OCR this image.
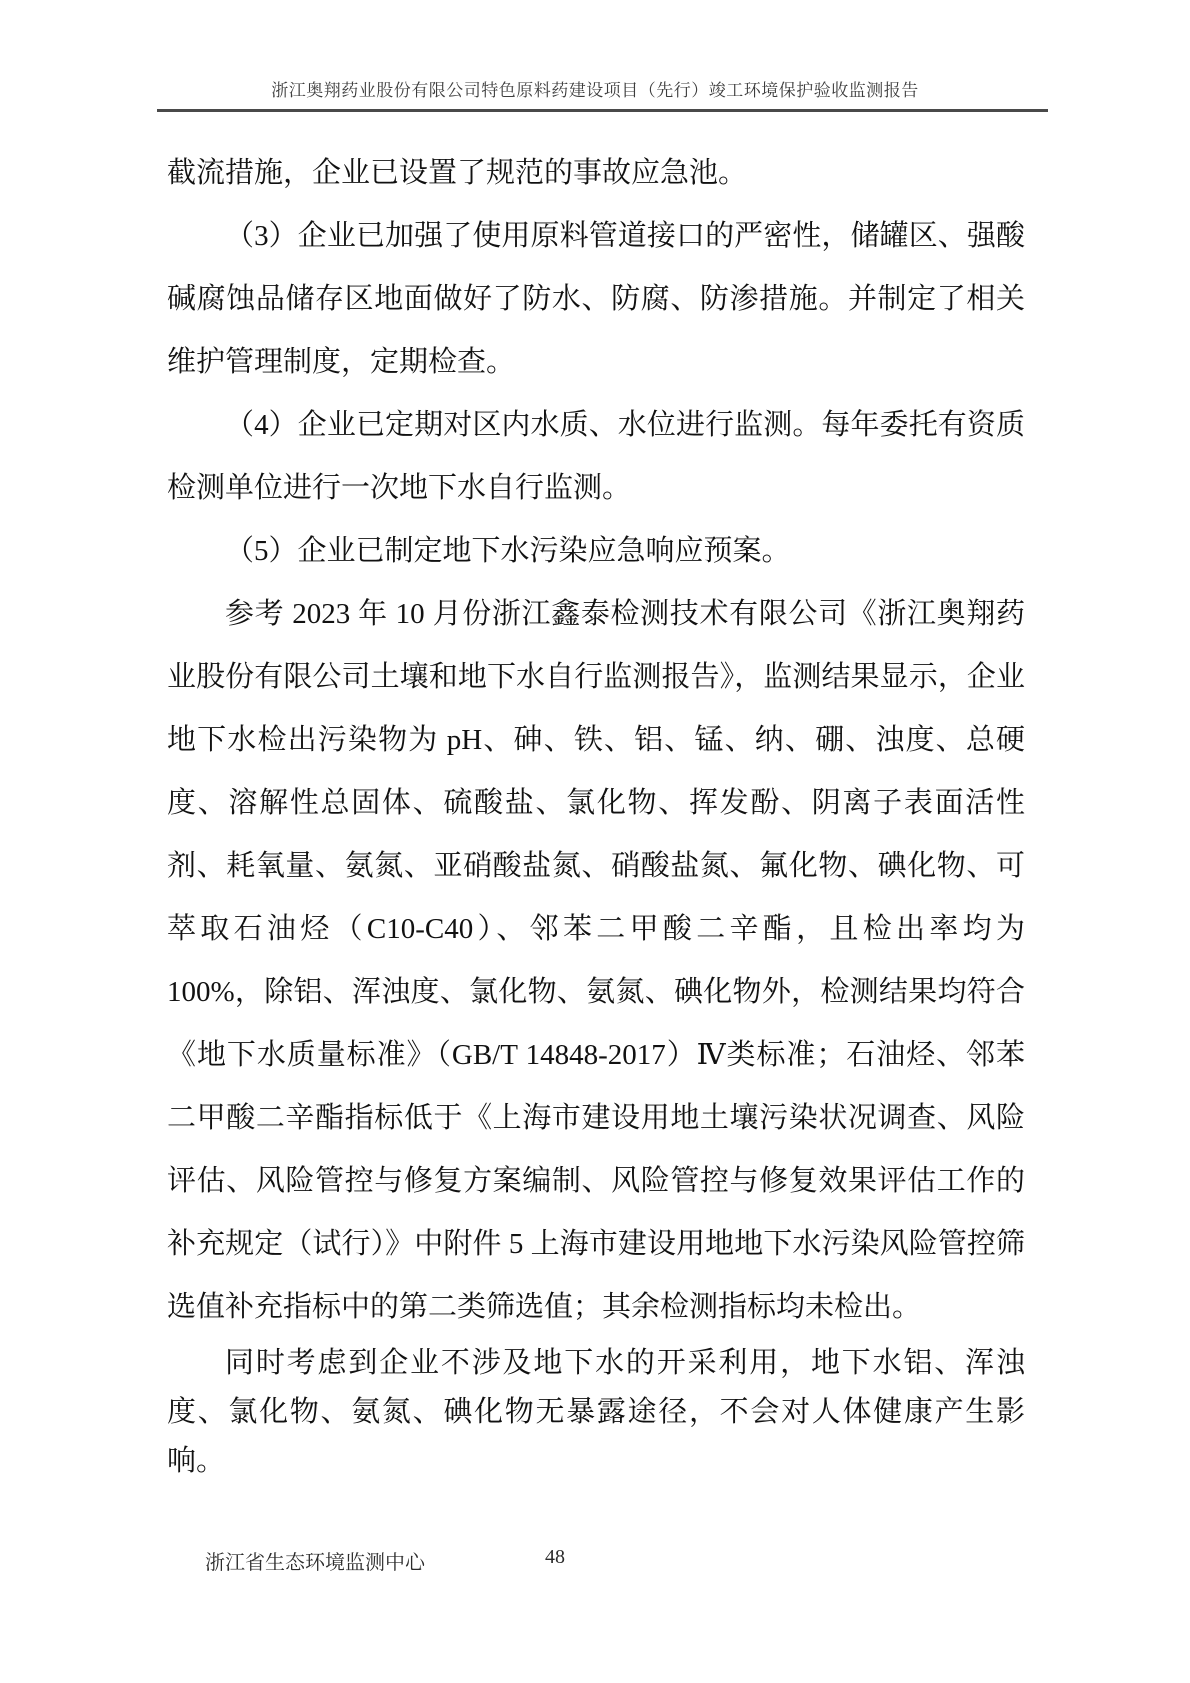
浙江奥翔药业股份有限公司特色原料药建设项目（先行）竣工环境保护验收监测报告

截流措施，企业已设置了规范的事故应急池。

（3）企业已加强了使用原料管道接口的严密性，储罐区、强酸碱腐蚀品储存区地面做好了防水、防腐、防渗措施。并制定了相关维护管理制度，定期检查。

（4）企业已定期对区内水质、水位进行监测。每年委托有资质检测单位进行一次地下水自行监测。

（5）企业已制定地下水污染应急响应预案。

参考 2023 年 10 月份浙江鑫泰检测技术有限公司《浙江奥翔药业股份有限公司土壤和地下水自行监测报告》，监测结果显示，企业地下水检出污染物为 pH、砷、铁、铝、锰、纳、硼、浊度、总硬度、溶解性总固体、硫酸盐、氯化物、挥发酚、阴离子表面活性剂、耗氧量、氨氮、亚硝酸盐氮、硝酸盐氮、氟化物、碘化物、可萃取石油烃（C10-C40）、邻苯二甲酸二辛酯，且检出率均为 100%，除铝、浑浊度、氯化物、氨氮、碘化物外，检测结果均符合《地下水质量标准》（GB/T 14848-2017）Ⅳ类标准；石油烃、邻苯二甲酸二辛酯指标低于《上海市建设用地土壤污染状况调查、风险评估、风险管控与修复方案编制、风险管控与修复效果评估工作的补充规定（试行）》中附件 5 上海市建设用地地下水污染风险管控筛选值补充指标中的第二类筛选值；其余检测指标均未检出。

同时考虑到企业不涉及地下水的开采利用，地下水铝、浑浊度、氯化物、氨氮、碘化物无暴露途径，不会对人体健康产生影响。

浙江省生态环境监测中心	48
